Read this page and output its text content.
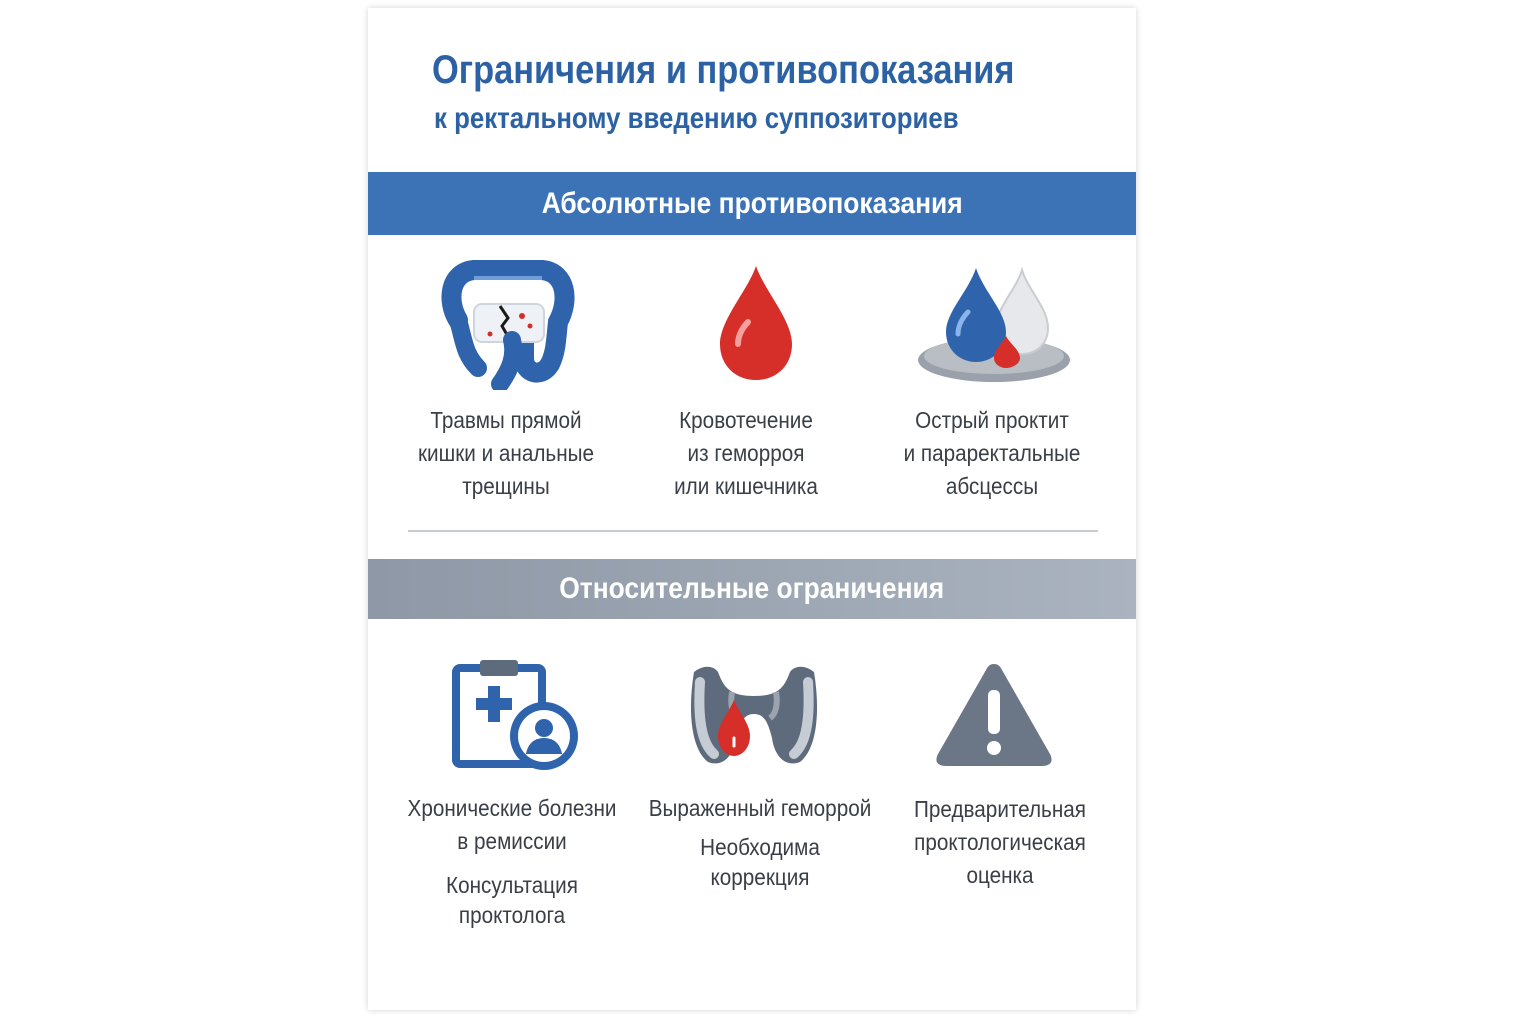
Ограничения и противопоказания
к ректальному введению суппозиториев
Абсолютные противопоказания
Травмы прямой
кишки и анальные
трещины
Кровотечение
из геморроя
или кишечника
Острый проктит
и параректальные
абсцессы
Относительные ограничения
Хронические болезни
в ремиссии
Консультация
проктолога
Выраженный геморрой
Необходима
коррекция
Предварительная
проктологическая
оценка
